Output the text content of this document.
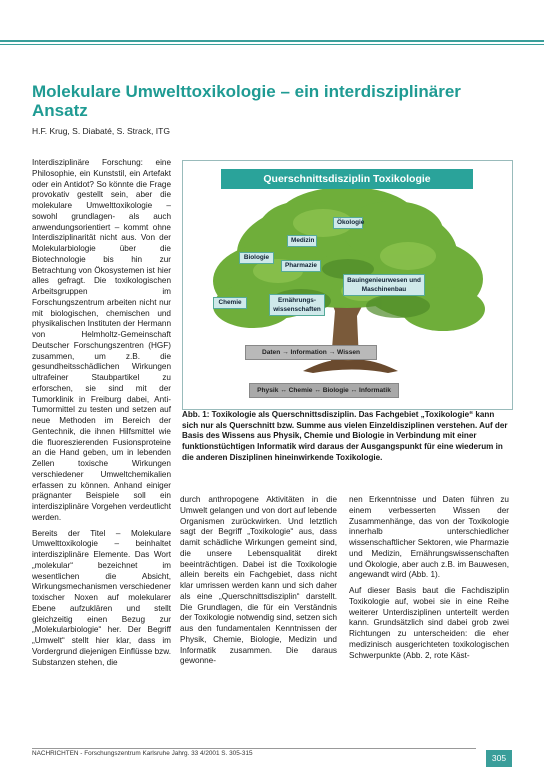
Molekulare Umwelttoxikologie – ein interdisziplinärer Ansatz
H.F. Krug, S. Diabaté, S. Strack, ITG

Interdisziplinäre Forschung: eine Philosophie, ein Kunststil, ein Artefakt oder ein Antidot? So könnte die Frage provokativ gestellt sein, aber die molekulare Umwelttoxikologie – sowohl grundlagen- als auch anwendungsorientiert – kommt ohne Interdisziplinarität nicht aus. Von der Molekularbiologie über die Biotechnologie bis hin zur Betrachtung von Ökosystemen ist hier alles gefragt. Die toxikologischen Arbeitsgruppen im Forschungszentrum arbeiten nicht nur mit biologischen, chemischen und physikalischen Instituten der Hermann von Helmholtz-Gemeinschaft Deutscher Forschungszentren (HGF) zusammen, um z.B. die gesundheitsschädlichen Wirkungen ultrafeiner Staubpartikel zu erforschen, sie sind mit der Tumorklinik in Freiburg dabei, Anti-Tumormittel zu testen und setzen auf neue Methoden im Bereich der Gentechnik, die ihnen Hilfsmittel wie die fluoreszierenden Fusionsproteine an die Hand geben, um in lebenden Zellen toxische Wirkungen verschiedener Umweltchemikalien erfassen zu können. Anhand einiger prägnanter Beispiele soll ein interdisziplinäre Vorgehen verdeutlicht werden.

Bereits der Titel – Molekulare Umwelttoxikologie – beinhaltet interdisziplinäre Elemente. Das Wort „molekular“ bezeichnet im wesentlichen die Absicht, Wirkungsmechanismen verschiedener toxischer Noxen auf molekularer Ebene aufzuklären und stellt gleichzeitig einen Bezug zur „Molekularbiologie“ her. Der Begriff „Umwelt“ stellt hier klar, dass im Vordergrund diejenigen Einflüsse bzw. Substanzen stehen, die

Querschnittsdisziplin Toxikologie
Ökologie
Medizin
Biologie
Pharmazie
Bauingenieurwesen und Maschinenbau
Chemie	Ernährungs-wissenschaften
Daten → Information → Wissen
Physik ↔ Chemie ↔ Biologie ↔ Informatik
Abb. 1: Toxikologie als Querschnittsdisziplin. Das Fachgebiet „Toxikologie“ kann sich nur als Querschnitt bzw. Summe aus vielen Einzeldisziplinen verstehen. Auf der Basis des Wissens aus Physik, Chemie und Biologie in Verbindung mit einer funktionstüchtigen Informatik wird daraus der Ausgangspunkt für eine wiederum in die anderen Disziplinen hineinwirkende Toxikologie.

durch anthropogene Aktivitäten in die Umwelt gelangen und von dort auf lebende Organismen zurückwirken. Und letztlich sagt der Begriff „Toxikologie“ aus, dass damit schädliche Wirkungen gemeint sind, die unsere Lebensqualität direkt beeinträchtigen. Dabei ist die Toxikologie allein bereits ein Fachgebiet, dass nicht klar umrissen werden kann und sich daher als eine „Querschnittsdisziplin“ darstellt. Die Grundlagen, die für ein Verständnis der Toxikologie notwendig sind, setzen sich aus den fundamentalen Kenntnissen der Physik, Chemie, Biologie, Medizin und Informatik zusammen. Die daraus gewonne-

nen Erkenntnisse und Daten führen zu einem verbesserten Wissen der Zusammenhänge, das von der Toxikologie innerhalb unterschiedlicher wissenschaftlicher Sektoren, wie Pharmazie und Medizin, Ernährungswissenschaften und Ökologie, aber auch z.B. im Bauwesen, angewandt wird (Abb. 1).

Auf dieser Basis baut die Fachdisziplin Toxikologie auf, wobei sie in eine Reihe weiterer Unterdisziplinen unterteilt werden kann. Grundsätzlich sind dabei grob zwei Richtungen zu unterscheiden: die eher medizinisch ausgerichteten toxikologischen Schwerpunkte (Abb. 2, rote Käst-

NACHRICHTEN - Forschungszentrum Karlsruhe Jahrg. 33 4/2001 S. 305-315	305
